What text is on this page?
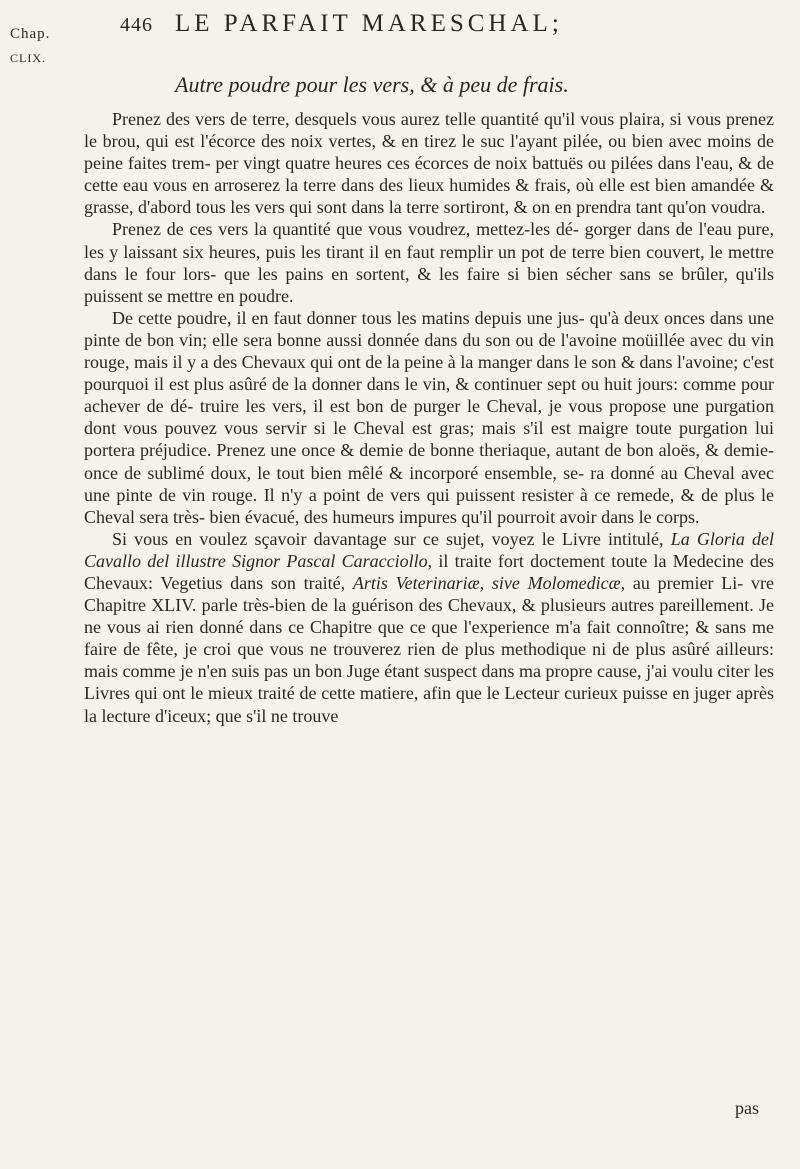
Chap.
CLIX.
446 LE PARFAIT MARESCHAL;
Autre poudre pour les vers, & à peu de frais.

Prenez des vers de terre, desquels vous aurez telle quantité qu'il vous plaira, si vous prenez le brou, qui est l'écorce des noix vertes, & en tirez le suc l'ayant pilée, ou bien avec moins de peine faites trem- per vingt quatre heures ces écorces de noix battuës ou pilées dans l'eau, & de cette eau vous en arroserez la terre dans des lieux humides & frais, où elle est bien amandée & grasse, d'abord tous les vers qui sont dans la terre sortiront, & on en prendra tant qu'on voudra.

Prenez de ces vers la quantité que vous voudrez, mettez-les dé- gorger dans de l'eau pure, les y laissant six heures, puis les tirant il en faut remplir un pot de terre bien couvert, le mettre dans le four lors- que les pains en sortent, & les faire si bien sécher sans se brûler, qu'ils puissent se mettre en poudre.

De cette poudre, il en faut donner tous les matins depuis une jus- qu'à deux onces dans une pinte de bon vin; elle sera bonne aussi donnée dans du son ou de l'avoine moüillée avec du vin rouge, mais il y a des Chevaux qui ont de la peine à la manger dans le son & dans l'avoine; c'est pourquoi il est plus asûré de la donner dans le vin, & continuer sept ou huit jours: comme pour achever de dé- truire les vers, il est bon de purger le Cheval, je vous propose une purgation dont vous pouvez vous servir si le Cheval est gras; mais s'il est maigre toute purgation lui portera préjudice. Prenez une once & demie de bonne theriaque, autant de bon aloës, & demie- once de sublimé doux, le tout bien mêlé & incorporé ensemble, se- ra donné au Cheval avec une pinte de vin rouge. Il n'y a point de vers qui puissent resister à ce remede, & de plus le Cheval sera très- bien évacué, des humeurs impures qu'il pourroit avoir dans le corps.

Si vous en voulez sçavoir davantage sur ce sujet, voyez le Livre intitulé, La Gloria del Cavallo del illustre Signor Pascal Caracciollo, il traite fort doctement toute la Medecine des Chevaux: Vegetius dans son traité, Artis Veterinariæ, sive Molomedicæ, au premier Li- vre Chapitre XLIV. parle très-bien de la guérison des Chevaux, & plusieurs autres pareillement. Je ne vous ai rien donné dans ce Chapitre que ce que l'experience m'a fait connoître; & sans me faire de fête, je croi que vous ne trouverez rien de plus methodique ni de plus asûré ailleurs: mais comme je n'en suis pas un bon Juge étant suspect dans ma propre cause, j'ai voulu citer les Livres qui ont le mieux traité de cette matiere, afin que le Lecteur curieux puisse en juger après la lecture d'iceux; que s'il ne trouve

pas
